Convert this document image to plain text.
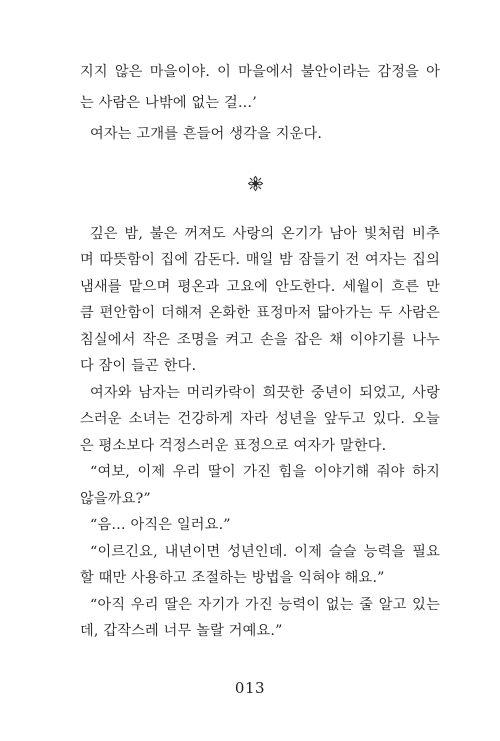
지지 않은 마을이야. 이 마을에서 불안이라는 감정을 아
는 사람은 나밖에 없는 걸…’
여자는 고개를 흔들어 생각을 지운다.
깊은 밤, 불은 꺼져도 사랑의 온기가 남아 빛처럼 비추
며 따뜻함이 집에 감돈다. 매일 밤 잠들기 전 여자는 집의
냄새를 맡으며 평온과 고요에 안도한다. 세월이 흐른 만
큼 편안함이 더해져 온화한 표정마저 닮아가는 두 사람은
침실에서 작은 조명을 켜고 손을 잡은 채 이야기를 나누
다 잠이 들곤 한다.
여자와 남자는 머리카락이 희끗한 중년이 되었고, 사랑
스러운 소녀는 건강하게 자라 성년을 앞두고 있다. 오늘
은 평소보다 걱정스러운 표정으로 여자가 말한다.
“여보, 이제 우리 딸이 가진 힘을 이야기해 줘야 하지
않을까요?”
“음… 아직은 일러요.”
“이르긴요, 내년이면 성년인데. 이제 슬슬 능력을 필요
할 때만 사용하고 조절하는 방법을 익혀야 해요.”
“아직 우리 딸은 자기가 가진 능력이 없는 줄 알고 있는
데, 갑작스레 너무 놀랄 거예요.”
013
